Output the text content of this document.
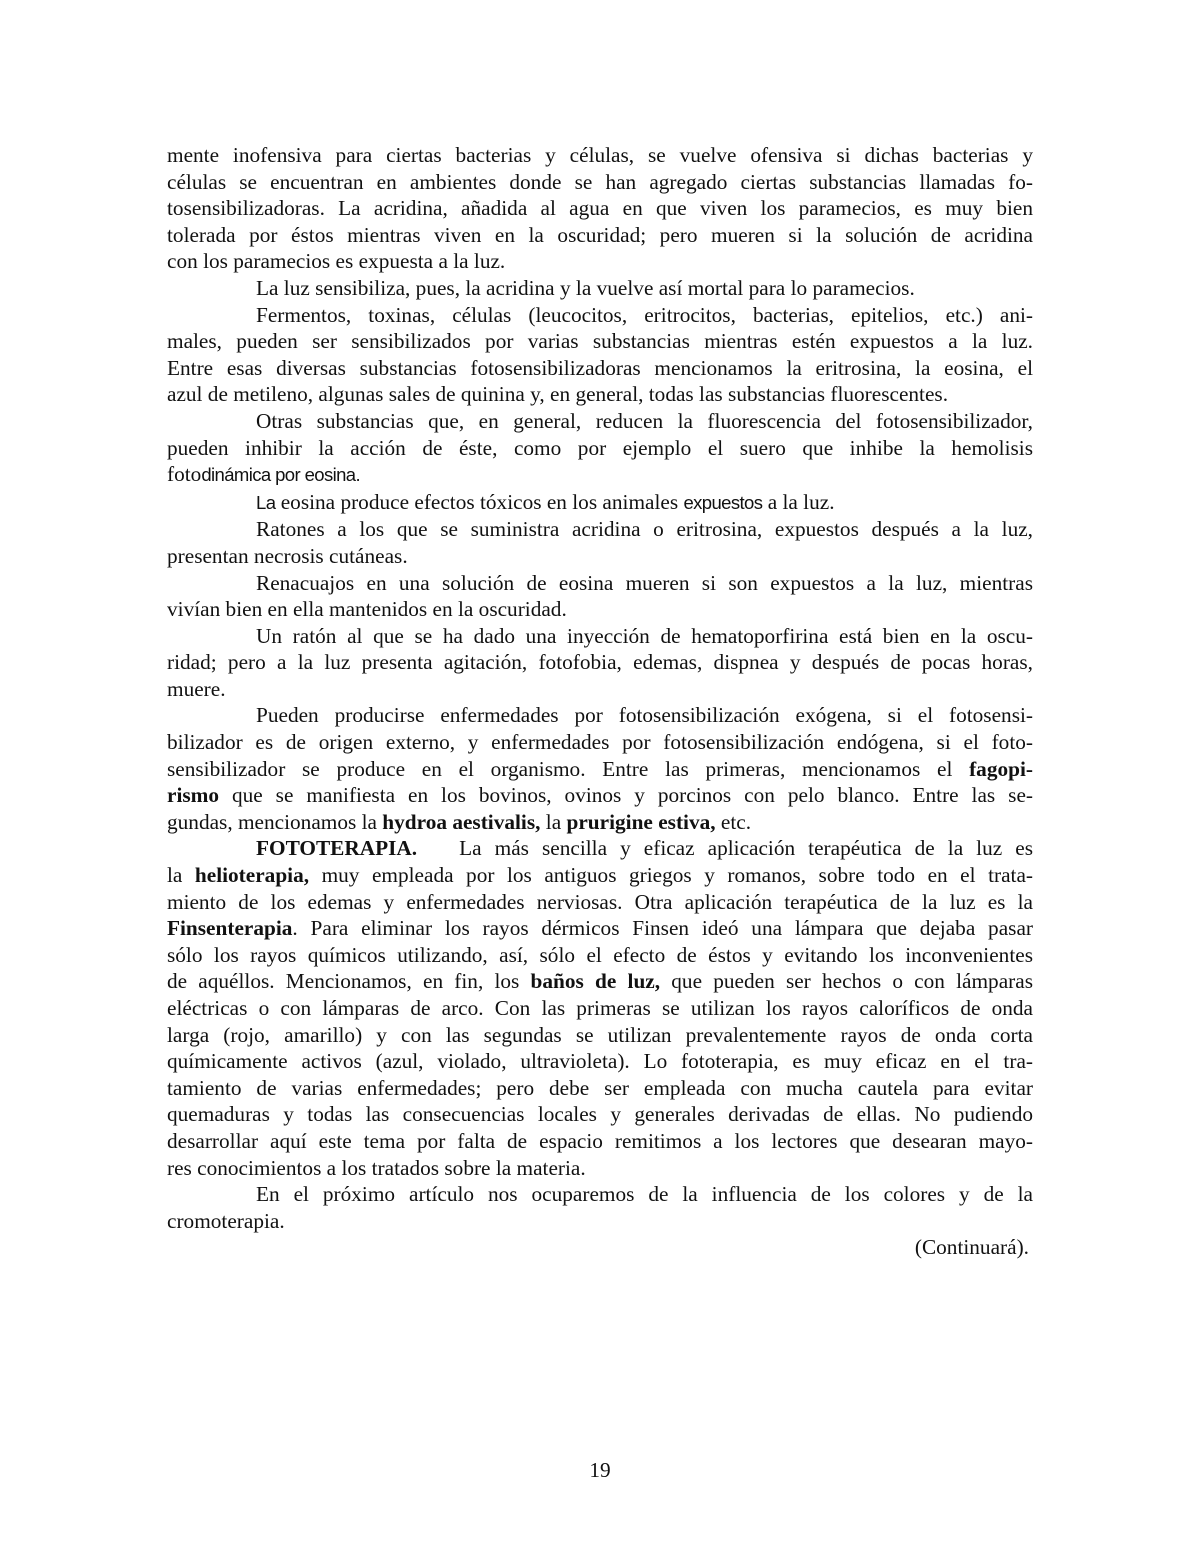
mente inofensiva para ciertas bacterias y células, se vuelve ofensiva si dichas bacterias y
células se encuentran en ambientes donde se han agregado ciertas substancias llamadas fo-
tosensibilizadoras. La acridina, añadida al agua en que viven los paramecios, es muy bien
tolerada por éstos mientras viven en la oscuridad; pero mueren si la solución de acridina
con los paramecios es expuesta a la luz.
La luz sensibiliza, pues, la acridina y la vuelve así mortal para lo paramecios.
Fermentos, toxinas, células (leucocitos, eritrocitos, bacterias, epitelios, etc.) ani-
males, pueden ser sensibilizados por varias substancias mientras estén expuestos a la luz.
Entre esas diversas substancias fotosensibilizadoras mencionamos la eritrosina, la eosina, el
azul de metileno, algunas sales de quinina y, en general, todas las substancias fluorescentes.
Otras substancias que, en general, reducen la fluorescencia del fotosensibilizador,
pueden inhibir la acción de éste, como por ejemplo el suero que inhibe la hemolisis
fotodinámica por eosina.
La eosina produce efectos tóxicos en los animales expuestos a la luz.
Ratones a los que se suministra acridina o eritrosina, expuestos después a la luz,
presentan necrosis cutáneas.
Renacuajos en una solución de eosina mueren si son expuestos a la luz, mientras
vivían bien en ella mantenidos en la oscuridad.
Un ratón al que se ha dado una inyección de hematoporfirina está bien en la oscu-
ridad; pero a la luz presenta agitación, fotofobia, edemas, dispnea y después de pocas horas,
muere.
Pueden producirse enfermedades por fotosensibilización exógena, si el fotosensi-
bilizador es de origen externo, y enfermedades por fotosensibilización endógena, si el foto-
sensibilizador se produce en el organismo. Entre las primeras, mencionamos el fagopi-
rismo que se manifiesta en los bovinos, ovinos y porcinos con pelo blanco. Entre las se-
gundas, mencionamos la hydroa aestivalis, la prurigine estiva, etc.
FOTOTERAPIA. La más sencilla y eficaz aplicación terapéutica de la luz es
la helioterapia, muy empleada por los antiguos griegos y romanos, sobre todo en el trata-
miento de los edemas y enfermedades nerviosas. Otra aplicación terapéutica de la luz es la
Finsenterapia. Para eliminar los rayos dérmicos Finsen ideó una lámpara que dejaba pasar
sólo los rayos químicos utilizando, así, sólo el efecto de éstos y evitando los inconvenientes
de aquéllos. Mencionamos, en fin, los baños de luz, que pueden ser hechos o con lámparas
eléctricas o con lámparas de arco. Con las primeras se utilizan los rayos caloríficos de onda
larga (rojo, amarillo) y con las segundas se utilizan prevalentemente rayos de onda corta
químicamente activos (azul, violado, ultravioleta). Lo fototerapia, es muy eficaz en el tra-
tamiento de varias enfermedades; pero debe ser empleada con mucha cautela para evitar
quemaduras y todas las consecuencias locales y generales derivadas de ellas. No pudiendo
desarrollar aquí este tema por falta de espacio remitimos a los lectores que desearan mayo-
res conocimientos a los tratados sobre la materia.
En el próximo artículo nos ocuparemos de la influencia de los colores y de la
cromoterapia.
(Continuará).
19
